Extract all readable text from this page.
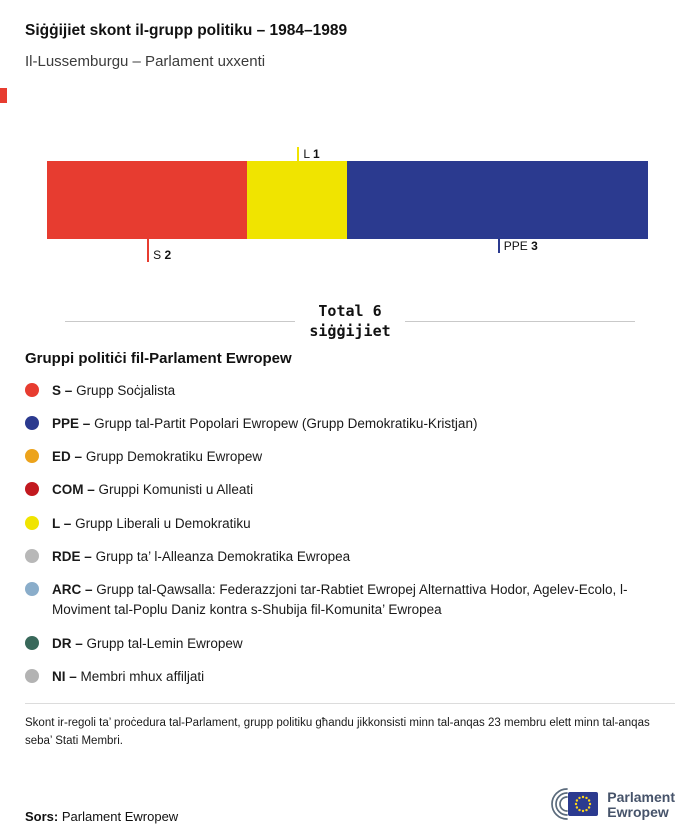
Siġġijiet skont il-grupp politiku – 1984–1989

Il-Lussemburgu – Parlament uxxenti

S 2
L 1
PPE 3
Total 6
siġġijiet
Gruppi politiċi fil-Parlament Ewropew
S – Grupp Soċjalista
PPE – Grupp tal-Partit Popolari Ewropew (Grupp Demokratiku-Kristjan)
ED – Grupp Demokratiku Ewropew
COM – Gruppi Komunisti u Alleati
L – Grupp Liberali u Demokratiku
RDE – Grupp ta’ l-Alleanza Demokratika Ewropea
ARC – Grupp tal-Qawsalla: Federazzjoni tar-Rabtiet Ewropej Alternattiva Hodor, Agelev-Ecolo, l-Moviment tal-Poplu Daniz kontra s-Shubija fil-Komunita’ Ewropea
DR – Grupp tal-Lemin Ewropew
NI – Membri mhux affiljati

Skont ir-regoli ta’ proċedura tal-Parlament, grupp politiku għandu jikkonsisti minn tal-anqas 23 membru elett minn tal-anqas seba’ Stati Membri.

Sors: Parlament Ewropew
Parlament
Ewropew
